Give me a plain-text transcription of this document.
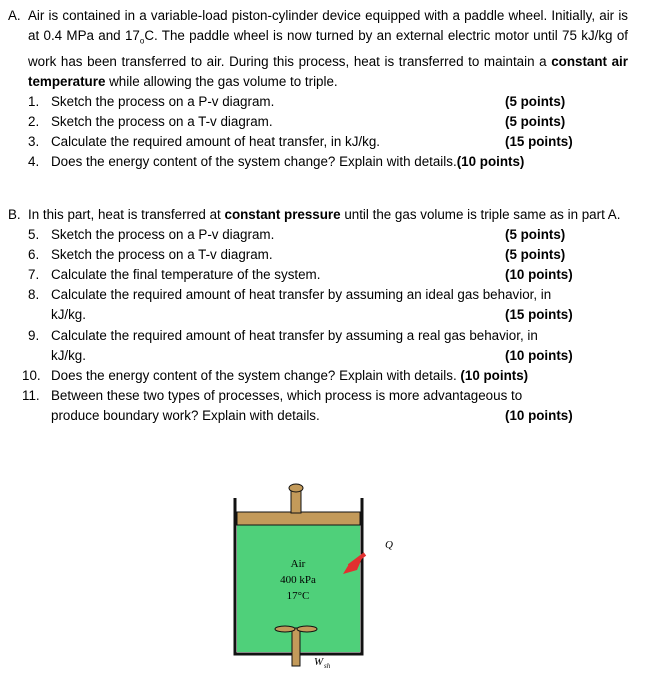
A. Air is contained in a variable-load piston-cylinder device equipped with a paddle wheel. Initially, air is at 0.4 MPa and $17_oC$. The paddle wheel is now turned by an external electric motor until 75 kJ/kg of work has been transferred to air. During this process, heat is transferred to maintain a constant air temperature while allowing the gas volume to triple.
1. Sketch the process on a P-v diagram.	(5 points)
2. Sketch the process on a T-v diagram.	(5 points)
3. Calculate the required amount of heat transfer, in kJ/kg.	(15 points)
4. Does the energy content of the system change? Explain with details.(10 points)
B. In this part, heat is transferred at constant pressure until the gas volume is triple same as in part A.
5. Sketch the process on a P-v diagram.	(5 points)
6. Sketch the process on a T-v diagram.	(5 points)
7. Calculate the final temperature of the system.	(10 points)
8. Calculate the required amount of heat transfer by assuming an ideal gas behavior, in
kJ/kg.	(15 points)
9. Calculate the required amount of heat transfer by assuming a real gas behavior, in
kJ/kg.	(10 points)
10. Does the energy content of the system change? Explain with details. (10 points)
11. Between these two types of processes, which process is more advantageous to
produce boundary work? Explain with details.	(10 points)
Air
400 kPa
17°C
Q
W sh
